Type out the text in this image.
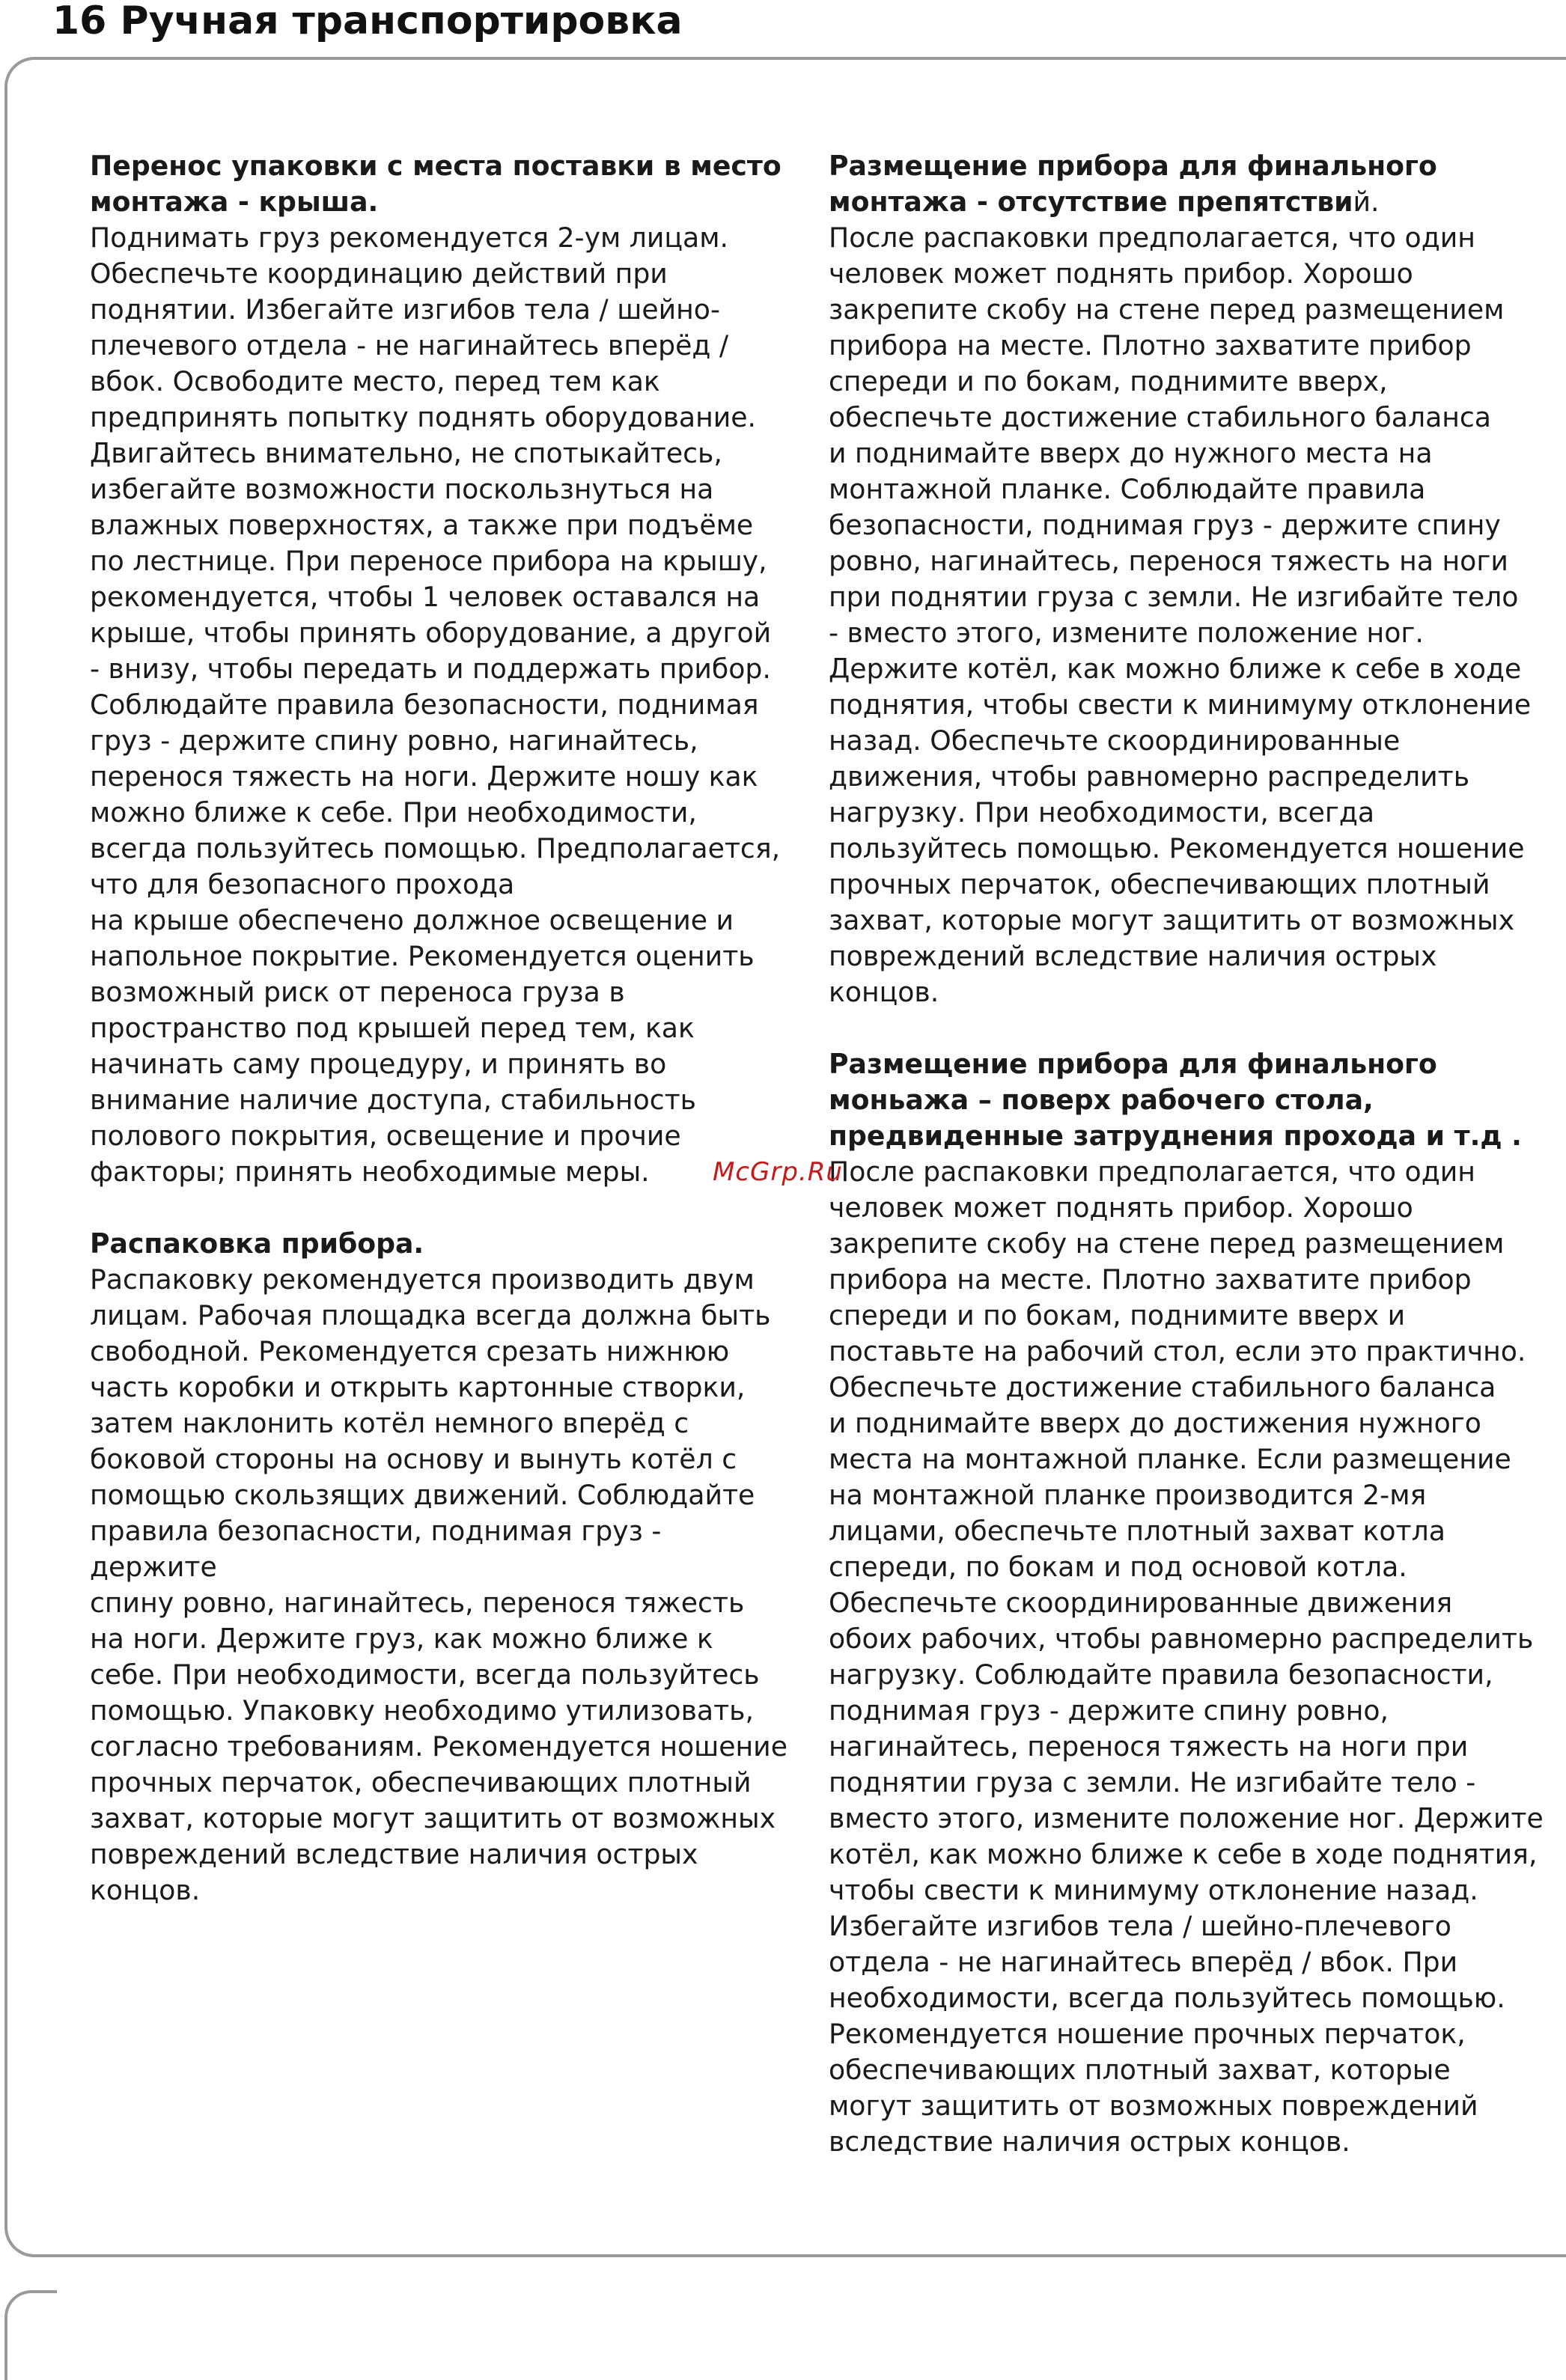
16 Ручная транспортировка
Перенос упаковки с места поставки в место
монтажа - крыша.

Поднимать груз рекомендуется 2-ум лицам.
Обеспечьте координацию действий при
поднятии. Избегайте изгибов тела / шейно-
плечевого отдела - не нагинайтесь вперёд /
вбок. Освободите место, перед тем как
предпринять попытку поднять оборудование.
Двигайтесь внимательно, не спотыкайтесь,
избегайте возможности поскользнуться на
влажных поверхностях, а также при подъёме
по лестнице. При переносе прибора на крышу,
рекомендуется, чтобы 1 человек оставался на
крыше, чтобы принять оборудование, а другой
- внизу, чтобы передать и поддержать прибор.
Соблюдайте правила безопасности, поднимая
груз - держите спину ровно, нагинайтесь,
перенося тяжесть на ноги. Держите ношу как
можно ближе к себе. При необходимости,
всегда пользуйтесь помощью. Предполагается,
что для безопасного прохода
на крыше обеспечено должное освещение и
напольное покрытие. Рекомендуется оценить
возможный риск от переноса груза в
пространство под крышей перед тем, как
начинать саму процедуру, и принять во
внимание наличие доступа, стабильность
полового покрытия, освещение и прочие
факторы; принять необходимые меры.

Распаковка прибора.

Распаковку рекомендуется производить двум
лицам. Рабочая площадка всегда должна быть
свободной. Рекомендуется срезать нижнюю
часть коробки и открыть картонные створки,
затем наклонить котёл немного вперёд с
боковой стороны на основу и вынуть котёл с
помощью скользящих движений. Соблюдайте
правила безопасности, поднимая груз - держите
спину ровно, нагинайтесь, перенося тяжесть
на ноги. Держите груз, как можно ближе к
себе. При необходимости, всегда пользуйтесь
помощью. Упаковку необходимо утилизовать,
согласно требованиям. Рекомендуется ношение
прочных перчаток, обеспечивающих плотный
захват, которые могут защитить от возможных
повреждений вследствие наличия острых
концов.

Размещение прибора для финального
монтажа - отсутствие препятствий.

После распаковки предполагается, что один
человек может поднять прибор. Хорошо
закрепите скобу на стене перед размещением
прибора на месте. Плотно захватите прибор
спереди и по бокам, поднимите вверх,
обеспечьте достижение стабильного баланса
и поднимайте вверх до нужного места на
монтажной планке. Соблюдайте правила
безопасности, поднимая груз - держите спину
ровно, нагинайтесь, перенося тяжесть на ноги
при поднятии груза с земли. Не изгибайте тело
- вместо этого, измените положение ног.
Держите котёл, как можно ближе к себе в ходе
поднятия, чтобы свести к минимуму отклонение
назад. Обеспечьте скоординированные
движения, чтобы равномерно распределить
нагрузку. При необходимости, всегда
пользуйтесь помощью. Рекомендуется ношение
прочных перчаток, обеспечивающих плотный
захват, которые могут защитить от возможных
повреждений вследствие наличия острых
концов.

Размещение прибора для финального
моньажа – поверх рабочего стола,
предвиденные затруднения прохода и т.д .

После распаковки предполагается, что один
человек может поднять прибор. Хорошо
закрепите скобу на стене перед размещением
прибора на месте. Плотно захватите прибор
спереди и по бокам, поднимите вверх и
поставьте на рабочий стол, если это практично.
Обеспечьте достижение стабильного баланса
и поднимайте вверх до достижения нужного
места на монтажной планке. Если размещение
на монтажной планке производится 2-мя
лицами, обеспечьте плотный захват котла
спереди, по бокам и под основой котла.
Обеспечьте скоординированные движения
обоих рабочих, чтобы равномерно распределить
нагрузку. Соблюдайте правила безопасности,
поднимая груз - держите спину ровно,
нагинайтесь, перенося тяжесть на ноги при
поднятии груза с земли. Не изгибайте тело -
вместо этого, измените положение ног. Держите
котёл, как можно ближе к себе в ходе поднятия,
чтобы свести к минимуму отклонение назад.
Избегайте изгибов тела / шейно-плечевого
отдела - не нагинайтесь вперёд / вбок. При
необходимости, всегда пользуйтесь помощью.
Рекомендуется ношение прочных перчаток,
обеспечивающих плотный захват, которые
могут защитить от возможных повреждений
вследствие наличия острых концов.

McGrp.Ru
